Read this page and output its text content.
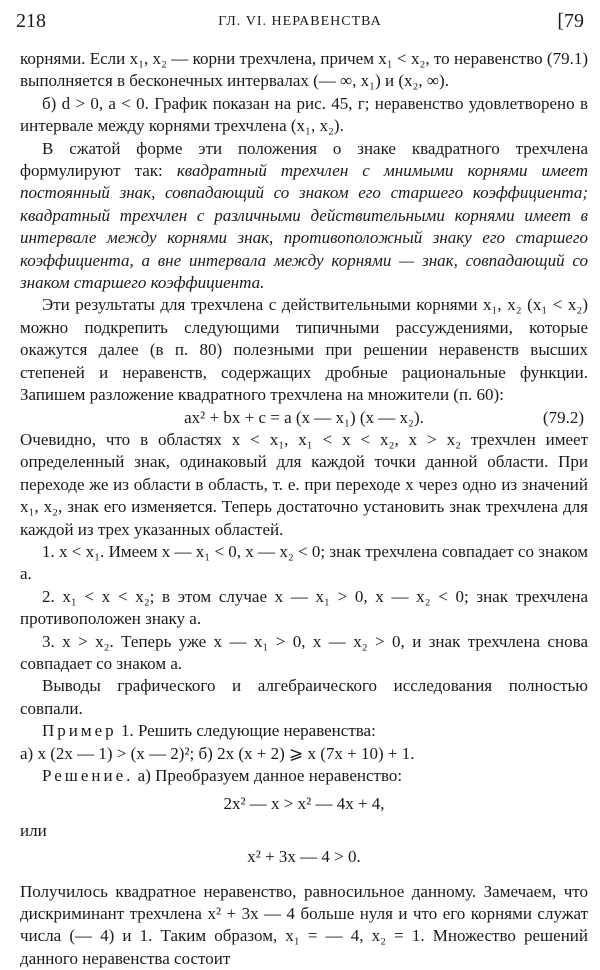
218	ГЛ. VI. НЕРАВЕНСТВА	[79

корнями. Если x₁, x₂ — корни трехчлена, причем x₁ < x₂, то неравенство (79.1) выполняется в бесконечных интервалах (— ∞, x₁) и (x₂, ∞).

б) d > 0, a < 0. График показан на рис. 45, г; неравенство удовлетворено в интервале между корнями трехчлена (x₁, x₂).

В сжатой форме эти положения о знаке квадратного трехчлена формулируют так: квадратный трехчлен с мнимыми корнями имеет постоянный знак, совпадающий со знаком его старшего коэффициента; квадратный трехчлен с различными действительными корнями имеет в интервале между корнями знак, противоположный знаку его старшего коэффициента, а вне интервала между корнями — знак, совпадающий со знаком старшего коэффициента.

Эти результаты для трехчлена с действительными корнями x₁, x₂ (x₁ < x₂) можно подкрепить следующими типичными рассуждениями, которые окажутся далее (в п. 80) полезными при решении неравенств высших степеней и неравенств, содержащих дробные рациональные функции. Запишем разложение квадратного трехчлена на множители (п. 60):

ax² + bx + c = a (x — x₁) (x — x₂).	(79.2)

Очевидно, что в областях x < x₁, x₁ < x < x₂, x > x₂ трехчлен имеет определенный знак, одинаковый для каждой точки данной области. При переходе же из области в область, т. е. при переходе x через одно из значений x₁, x₂, знак его изменяется. Теперь достаточно установить знак трехчлена для каждой из трех указанных областей.

1. x < x₁. Имеем x — x₁ < 0, x — x₂ < 0; знак трехчлена совпадает со знаком a.

2. x₁ < x < x₂; в этом случае x — x₁ > 0, x — x₂ < 0; знак трехчлена противоположен знаку a.

3. x > x₂. Теперь уже x — x₁ > 0, x — x₂ > 0, и знак трехчлена снова совпадает со знаком a.

Выводы графического и алгебраического исследования полностью совпали.

Пример 1. Решить следующие неравенства:

а) x (2x — 1) > (x — 2)²; б) 2x (x + 2) ⩾ x (7x + 10) + 1.

Решение. а) Преобразуем данное неравенство:

2x² — x > x² — 4x + 4,

или

x² + 3x — 4 > 0.

Получилось квадратное неравенство, равносильное данному. Замечаем, что дискриминант трехчлена x² + 3x — 4 больше нуля и что его корнями служат числа (— 4) и 1. Таким образом, x₁ = — 4, x₂ = 1. Множество решений данного неравенства состоит
